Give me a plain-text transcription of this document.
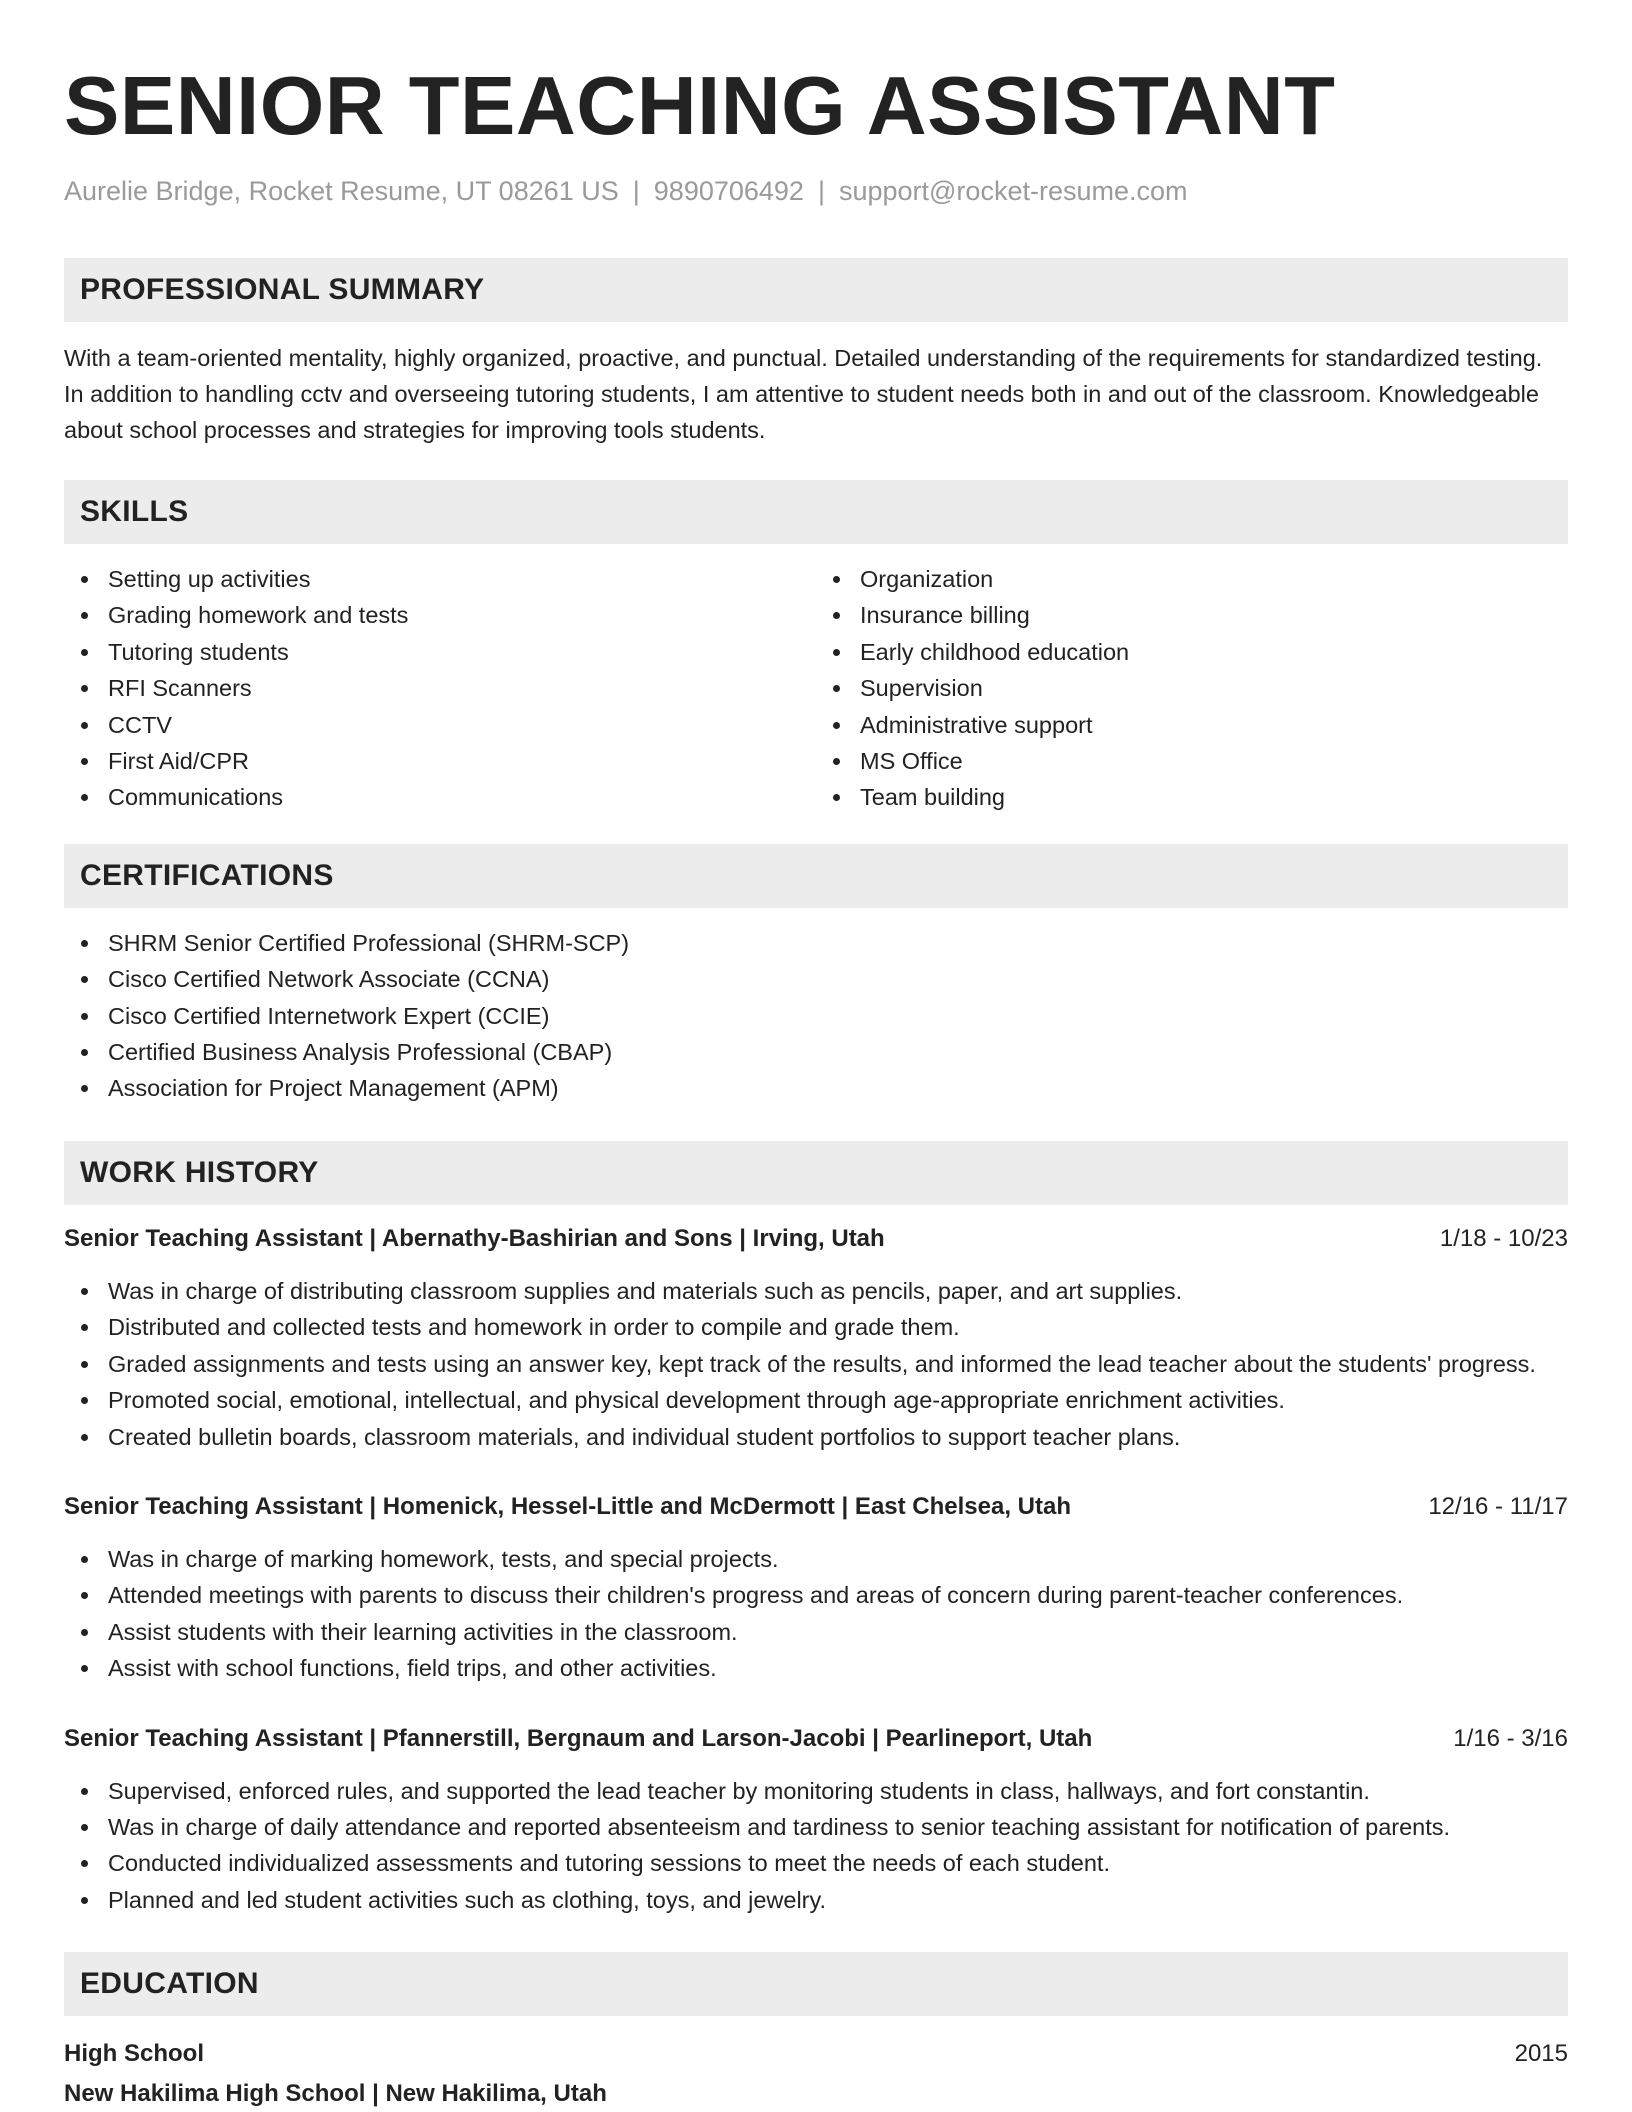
SENIOR TEACHING ASSISTANT
Aurelie Bridge, Rocket Resume, UT 08261 US | 9890706492 | support@rocket-resume.com
PROFESSIONAL SUMMARY

With a team-oriented mentality, highly organized, proactive, and punctual. Detailed understanding of the requirements for standardized testing. In addition to handling cctv and overseeing tutoring students, I am attentive to student needs both in and out of the classroom. Knowledgeable about school processes and strategies for improving tools students.

SKILLS
Setting up activities
Grading homework and tests
Tutoring students
RFI Scanners
CCTV
First Aid/CPR
Communications
Organization
Insurance billing
Early childhood education
Supervision
Administrative support
MS Office
Team building
CERTIFICATIONS
SHRM Senior Certified Professional (SHRM-SCP)
Cisco Certified Network Associate (CCNA)
Cisco Certified Internetwork Expert (CCIE)
Certified Business Analysis Professional (CBAP)
Association for Project Management (APM)
WORK HISTORY
Senior Teaching Assistant | Abernathy-Bashirian and Sons | Irving, Utah	1/18 - 10/23
Was in charge of distributing classroom supplies and materials such as pencils, paper, and art supplies.
Distributed and collected tests and homework in order to compile and grade them.
Graded assignments and tests using an answer key, kept track of the results, and informed the lead teacher about the students' progress.
Promoted social, emotional, intellectual, and physical development through age-appropriate enrichment activities.
Created bulletin boards, classroom materials, and individual student portfolios to support teacher plans.
Senior Teaching Assistant | Homenick, Hessel-Little and McDermott | East Chelsea, Utah	12/16 - 11/17
Was in charge of marking homework, tests, and special projects.
Attended meetings with parents to discuss their children's progress and areas of concern during parent-teacher conferences.
Assist students with their learning activities in the classroom.
Assist with school functions, field trips, and other activities.
Senior Teaching Assistant | Pfannerstill, Bergnaum and Larson-Jacobi | Pearlineport, Utah	1/16 - 3/16
Supervised, enforced rules, and supported the lead teacher by monitoring students in class, hallways, and fort constantin.
Was in charge of daily attendance and reported absenteeism and tardiness to senior teaching assistant for notification of parents.
Conducted individualized assessments and tutoring sessions to meet the needs of each student.
Planned and led student activities such as clothing, toys, and jewelry.
EDUCATION
High School	2015
New Hakilima High School | New Hakilima, Utah
